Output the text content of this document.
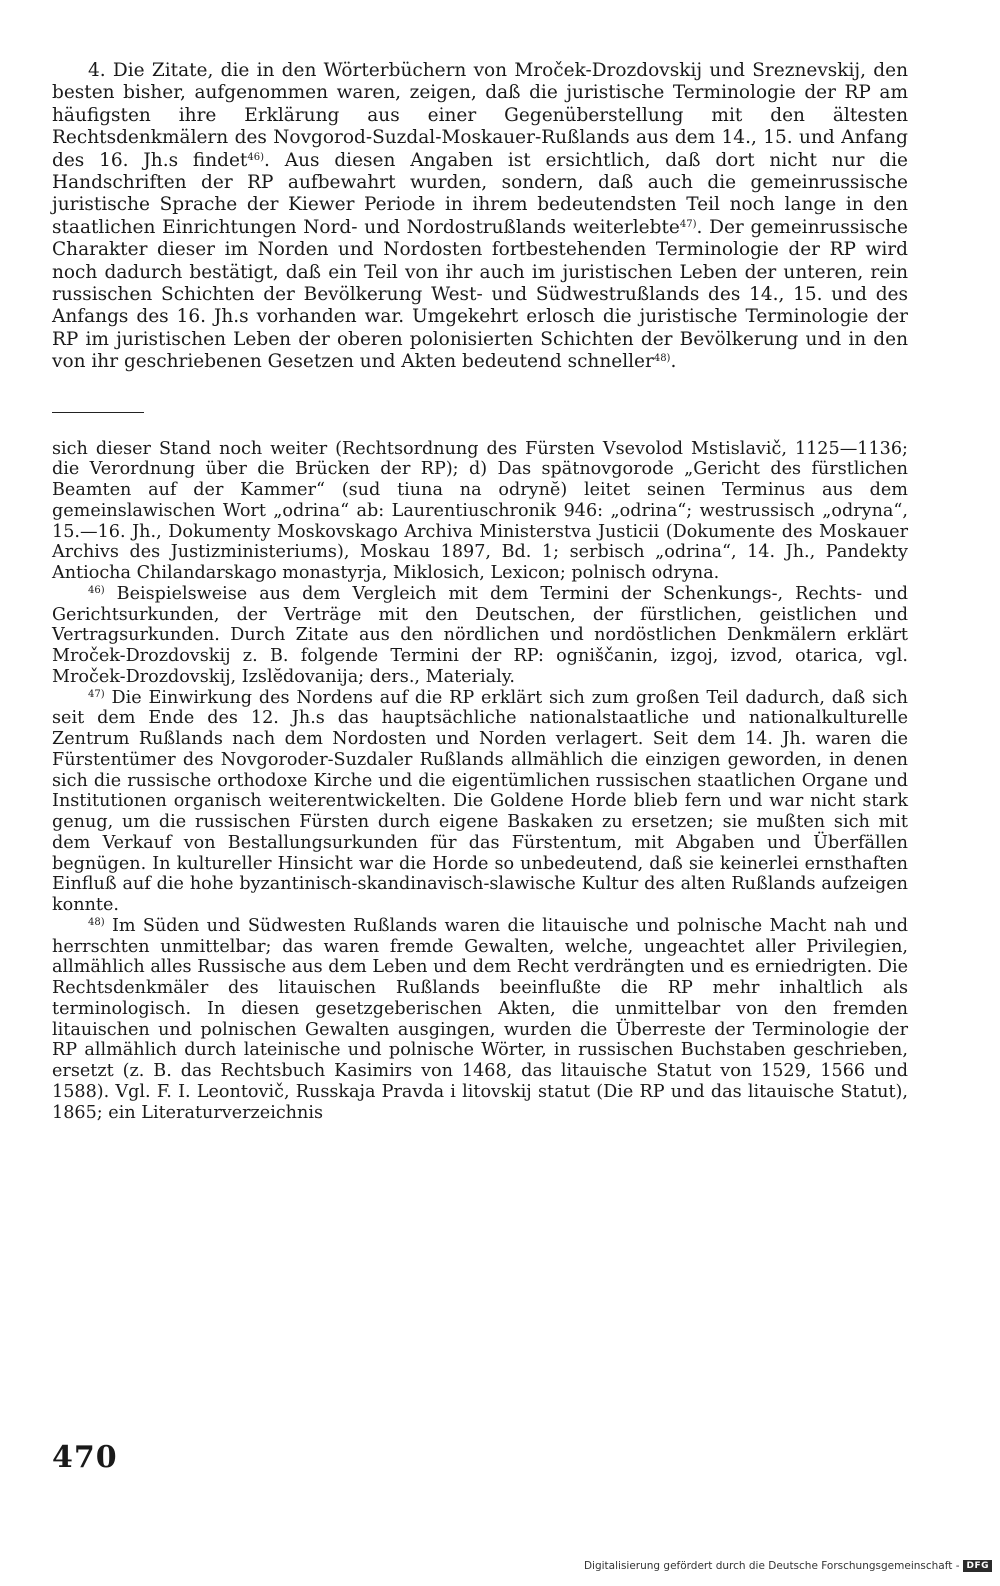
4. Die Zitate, die in den Wörterbüchern von Mroček-Drozdovskij und Sreznevskij, den besten bisher, aufgenommen waren, zeigen, daß die juristische Terminologie der RP am häufigsten ihre Erklärung aus einer Gegenüberstellung mit den ältesten Rechtsdenkmälern des Novgorod-Suzdal-Moskauer-Rußlands aus dem 14., 15. und Anfang des 16. Jh.s findet$^{46)}$. Aus diesen Angaben ist ersichtlich, daß dort nicht nur die Handschriften der RP aufbewahrt wurden, sondern, daß auch die gemeinrussische juristische Sprache der Kiewer Periode in ihrem bedeutendsten Teil noch lange in den staatlichen Einrichtungen Nord- und Nordostrußlands weiterlebte$^{47)}$. Der gemeinrussische Charakter dieser im Norden und Nordosten fortbestehenden Terminologie der RP wird noch dadurch bestätigt, daß ein Teil von ihr auch im juristischen Leben der unteren, rein russischen Schichten der Bevölkerung West- und Südwestrußlands des 14., 15. und des Anfangs des 16. Jh.s vorhanden war. Umgekehrt erlosch die juristische Terminologie der RP im juristischen Leben der oberen polonisierten Schichten der Bevölkerung und in den von ihr geschriebenen Gesetzen und Akten bedeutend schneller$^{48)}$.

sich dieser Stand noch weiter (Rechtsordnung des Fürsten Vsevolod Mstislavič, 1125—1136; die Verordnung über die Brücken der RP); d) Das spätnovgorode „Gericht des fürstlichen Beamten auf der Kammer“ (sud tiuna na odrynĕ) leitet seinen Terminus aus dem gemeinslawischen Wort „odrina“ ab: Laurentiuschronik 946: „odrina“; westrussisch „odryna“, 15.—16. Jh., Dokumenty Moskovskago Archiva Ministerstva Justicii (Dokumente des Moskauer Archivs des Justizministeriums), Moskau 1897, Bd. 1; serbisch „odrina“, 14. Jh., Pandekty Antiocha Chilandarskago monastyrja, Miklosich, Lexicon; polnisch odryna.

$^{46)}$ Beispielsweise aus dem Vergleich mit dem Termini der Schenkungs-, Rechts- und Gerichtsurkunden, der Verträge mit den Deutschen, der fürstlichen, geistlichen und Vertragsurkunden. Durch Zitate aus den nördlichen und nordöstlichen Denkmälern erklärt Mroček-Drozdovskij z. B. folgende Termini der RP: ogniščanin, izgoj, izvod, otarica, vgl. Mroček-Drozdovskij, Izslĕdovanija; ders., Materialy.

$^{47)}$ Die Einwirkung des Nordens auf die RP erklärt sich zum großen Teil dadurch, daß sich seit dem Ende des 12. Jh.s das hauptsächliche nationalstaatliche und nationalkulturelle Zentrum Rußlands nach dem Nordosten und Norden verlagert. Seit dem 14. Jh. waren die Fürstentümer des Novgoroder-Suzdaler Rußlands allmählich die einzigen geworden, in denen sich die russische orthodoxe Kirche und die eigentümlichen russischen staatlichen Organe und Institutionen organisch weiterentwickelten. Die Goldene Horde blieb fern und war nicht stark genug, um die russischen Fürsten durch eigene Baskaken zu ersetzen; sie mußten sich mit dem Verkauf von Bestallungsurkunden für das Fürstentum, mit Abgaben und Überfällen begnügen. In kultureller Hinsicht war die Horde so unbedeutend, daß sie keinerlei ernsthaften Einfluß auf die hohe byzantinisch-skandinavisch-slawische Kultur des alten Rußlands aufzeigen konnte.

$^{48)}$ Im Süden und Südwesten Rußlands waren die litauische und polnische Macht nah und herrschten unmittelbar; das waren fremde Gewalten, welche, ungeachtet aller Privilegien, allmählich alles Russische aus dem Leben und dem Recht verdrängten und es erniedrigten. Die Rechtsdenkmäler des litauischen Rußlands beeinflußte die RP mehr inhaltlich als terminologisch. In diesen gesetzgeberischen Akten, die unmittelbar von den fremden litauischen und polnischen Gewalten ausgingen, wurden die Überreste der Terminologie der RP allmählich durch lateinische und polnische Wörter, in russischen Buchstaben geschrieben, ersetzt (z. B. das Rechtsbuch Kasimirs von 1468, das litauische Statut von 1529, 1566 und 1588). Vgl. F. I. Leontovič, Russkaja Pravda i litovskij statut (Die RP und das litauische Statut), 1865; ein Literaturverzeichnis

470
Digitalisierung gefördert durch die Deutsche Forschungsgemeinschaft - DFG
